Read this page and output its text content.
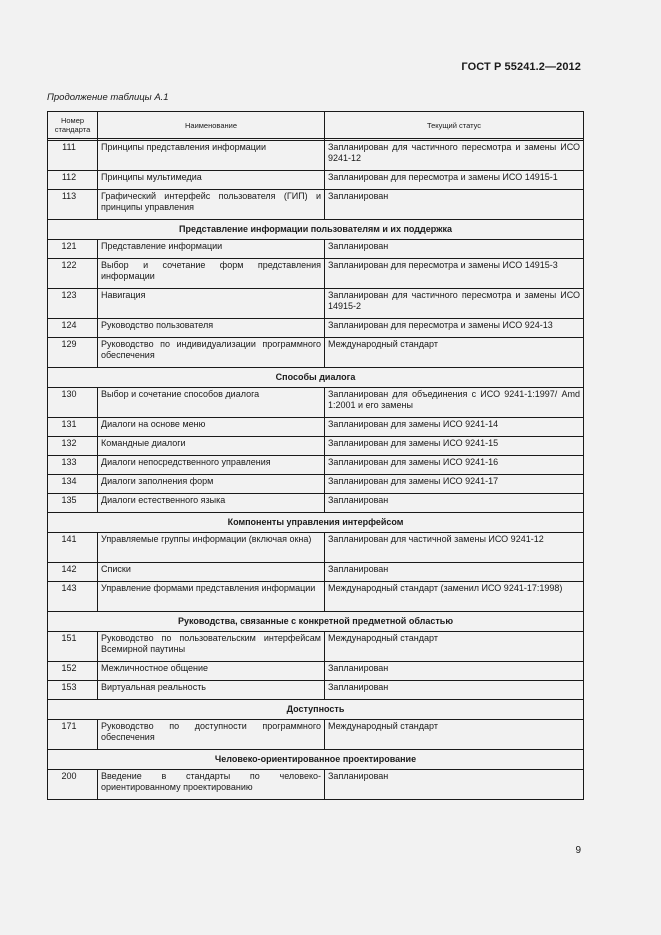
ГОСТ Р 55241.2—2012
Продолжение таблицы А.1
Номер стандарта	Наименование	Текущий статус

111	Принципы представления информации	Запланирован для частичного пересмотра и замены ИСО 9241-12
112	Принципы мультимедиа	Запланирован для пересмотра и замены ИСО 14915-1
113	Графический интерфейс пользователя (ГИП) и принципы управления	Запланирован
Представление информации пользователям и их поддержка		
121	Представление информации	Запланирован
122	Выбор и сочетание форм представления информации	Запланирован для пересмотра и замены ИСО 14915-3
123	Навигация	Запланирован для частичного пересмотра и замены ИСО 14915-2
124	Руководство пользователя	Запланирован для пересмотра и замены ИСО 924-13
129	Руководство по индивидуализации программного обеспечения	Международный стандарт
Способы диалога		
130	Выбор и сочетание способов диалога	Запланирован для объединения с ИСО 9241-1:1997/ Amd 1:2001 и его замены
131	Диалоги на основе меню	Запланирован для замены ИСО 9241-14
132	Командные диалоги	Запланирован для замены ИСО 9241-15
133	Диалоги непосредственного управления	Запланирован для замены ИСО 9241-16
134	Диалоги заполнения форм	Запланирован для замены ИСО 9241-17
135	Диалоги естественного языка	Запланирован
Компоненты управления интерфейсом		
141	Управляемые группы информации (включая окна)	Запланирован для частичной замены ИСО 9241-12
142	Списки	Запланирован
143	Управление формами представления информации	Международный стандарт (заменил ИСО 9241-17:1998)
Руководства, связанные с конкретной предметной областью		
151	Руководство по пользовательским интерфейсам Всемирной паутины	Международный стандарт
152	Межличностное общение	Запланирован
153	Виртуальная реальность	Запланирован
Доступность		
171	Руководство по доступности программного обеспечения	Международный стандарт
Человеко-ориентированное проектирование		
200	Введение в стандарты по человеко-ориентированному проектированию	Запланирован
9
